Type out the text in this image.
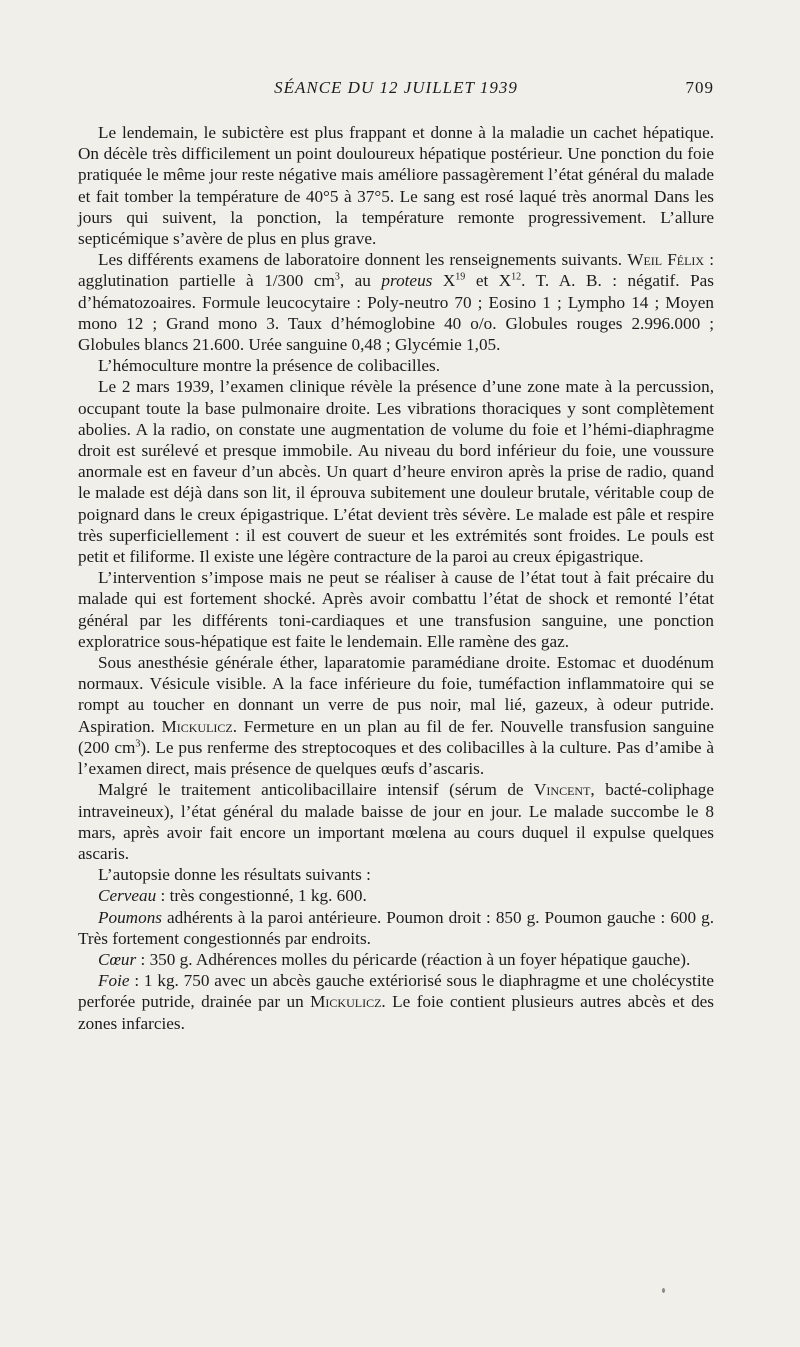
SÉANCE DU 12 JUILLET 1939	709

Le lendemain, le subictère est plus frappant et donne à la maladie un cachet hépatique. On décèle très difficilement un point douloureux hépatique postérieur. Une ponction du foie pratiquée le même jour reste négative mais améliore passagèrement l’état général du malade et fait tomber la température de 40°5 à 37°5. Le sang est rosé laqué très anormal Dans les jours qui suivent, la ponction, la température remonte progressivement. L’allure septicémique s’avère de plus en plus grave.

Les différents examens de laboratoire donnent les renseignements suivants. Weil Félix : agglutination partielle à 1/300 $cm^3$, au proteus $X^{19}$ et $X^{12}$. T. A. B. : négatif. Pas d’hématozoaires. Formule leucocytaire : Poly-neutro 70 ; Eosino 1 ; Lympho 14 ; Moyen mono 12 ; Grand mono 3. Taux d’hémoglobine 40 o/o. Globules rouges 2.996.000 ; Globules blancs 21.600. Urée sanguine 0,48 ; Glycémie 1,05.

L’hémoculture montre la présence de colibacilles.

Le 2 mars 1939, l’examen clinique révèle la présence d’une zone mate à la percussion, occupant toute la base pulmonaire droite. Les vibrations thoraciques y sont complètement abolies. A la radio, on constate une augmentation de volume du foie et l’hémi-diaphragme droit est surélevé et presque immobile. Au niveau du bord inférieur du foie, une voussure anormale est en faveur d’un abcès. Un quart d’heure environ après la prise de radio, quand le malade est déjà dans son lit, il éprouva subitement une douleur brutale, véritable coup de poignard dans le creux épigastrique. L’état devient très sévère. Le malade est pâle et respire très superficiellement : il est couvert de sueur et les extrémités sont froides. Le pouls est petit et filiforme. Il existe une légère contracture de la paroi au creux épigastrique.

L’intervention s’impose mais ne peut se réaliser à cause de l’état tout à fait précaire du malade qui est fortement shocké. Après avoir combattu l’état de shock et remonté l’état général par les différents toni-cardiaques et une transfusion sanguine, une ponction exploratrice sous-hépatique est faite le lendemain. Elle ramène des gaz.

Sous anesthésie générale éther, laparatomie paramédiane droite. Estomac et duodénum normaux. Vésicule visible. A la face inférieure du foie, tuméfaction inflammatoire qui se rompt au toucher en donnant un verre de pus noir, mal lié, gazeux, à odeur putride. Aspiration. Mickulicz. Fermeture en un plan au fil de fer. Nouvelle transfusion sanguine (200 $cm^3$). Le pus renferme des streptocoques et des colibacilles à la culture. Pas d’amibe à l’examen direct, mais présence de quelques œufs d’ascaris.

Malgré le traitement anticolibacillaire intensif (sérum de Vincent, bacté-coliphage intraveineux), l’état général du malade baisse de jour en jour. Le malade succombe le 8 mars, après avoir fait encore un important mœlena au cours duquel il expulse quelques ascaris.

L’autopsie donne les résultats suivants :

Cerveau : très congestionné, 1 kg. 600.

Poumons adhérents à la paroi antérieure. Poumon droit : 850 g. Poumon gauche : 600 g. Très fortement congestionnés par endroits.

Cœur : 350 g. Adhérences molles du péricarde (réaction à un foyer hépatique gauche).

Foie : 1 kg. 750 avec un abcès gauche extériorisé sous le diaphragme et une cholécystite perforée putride, drainée par un Mickulicz. Le foie contient plusieurs autres abcès et des zones infarcies.
